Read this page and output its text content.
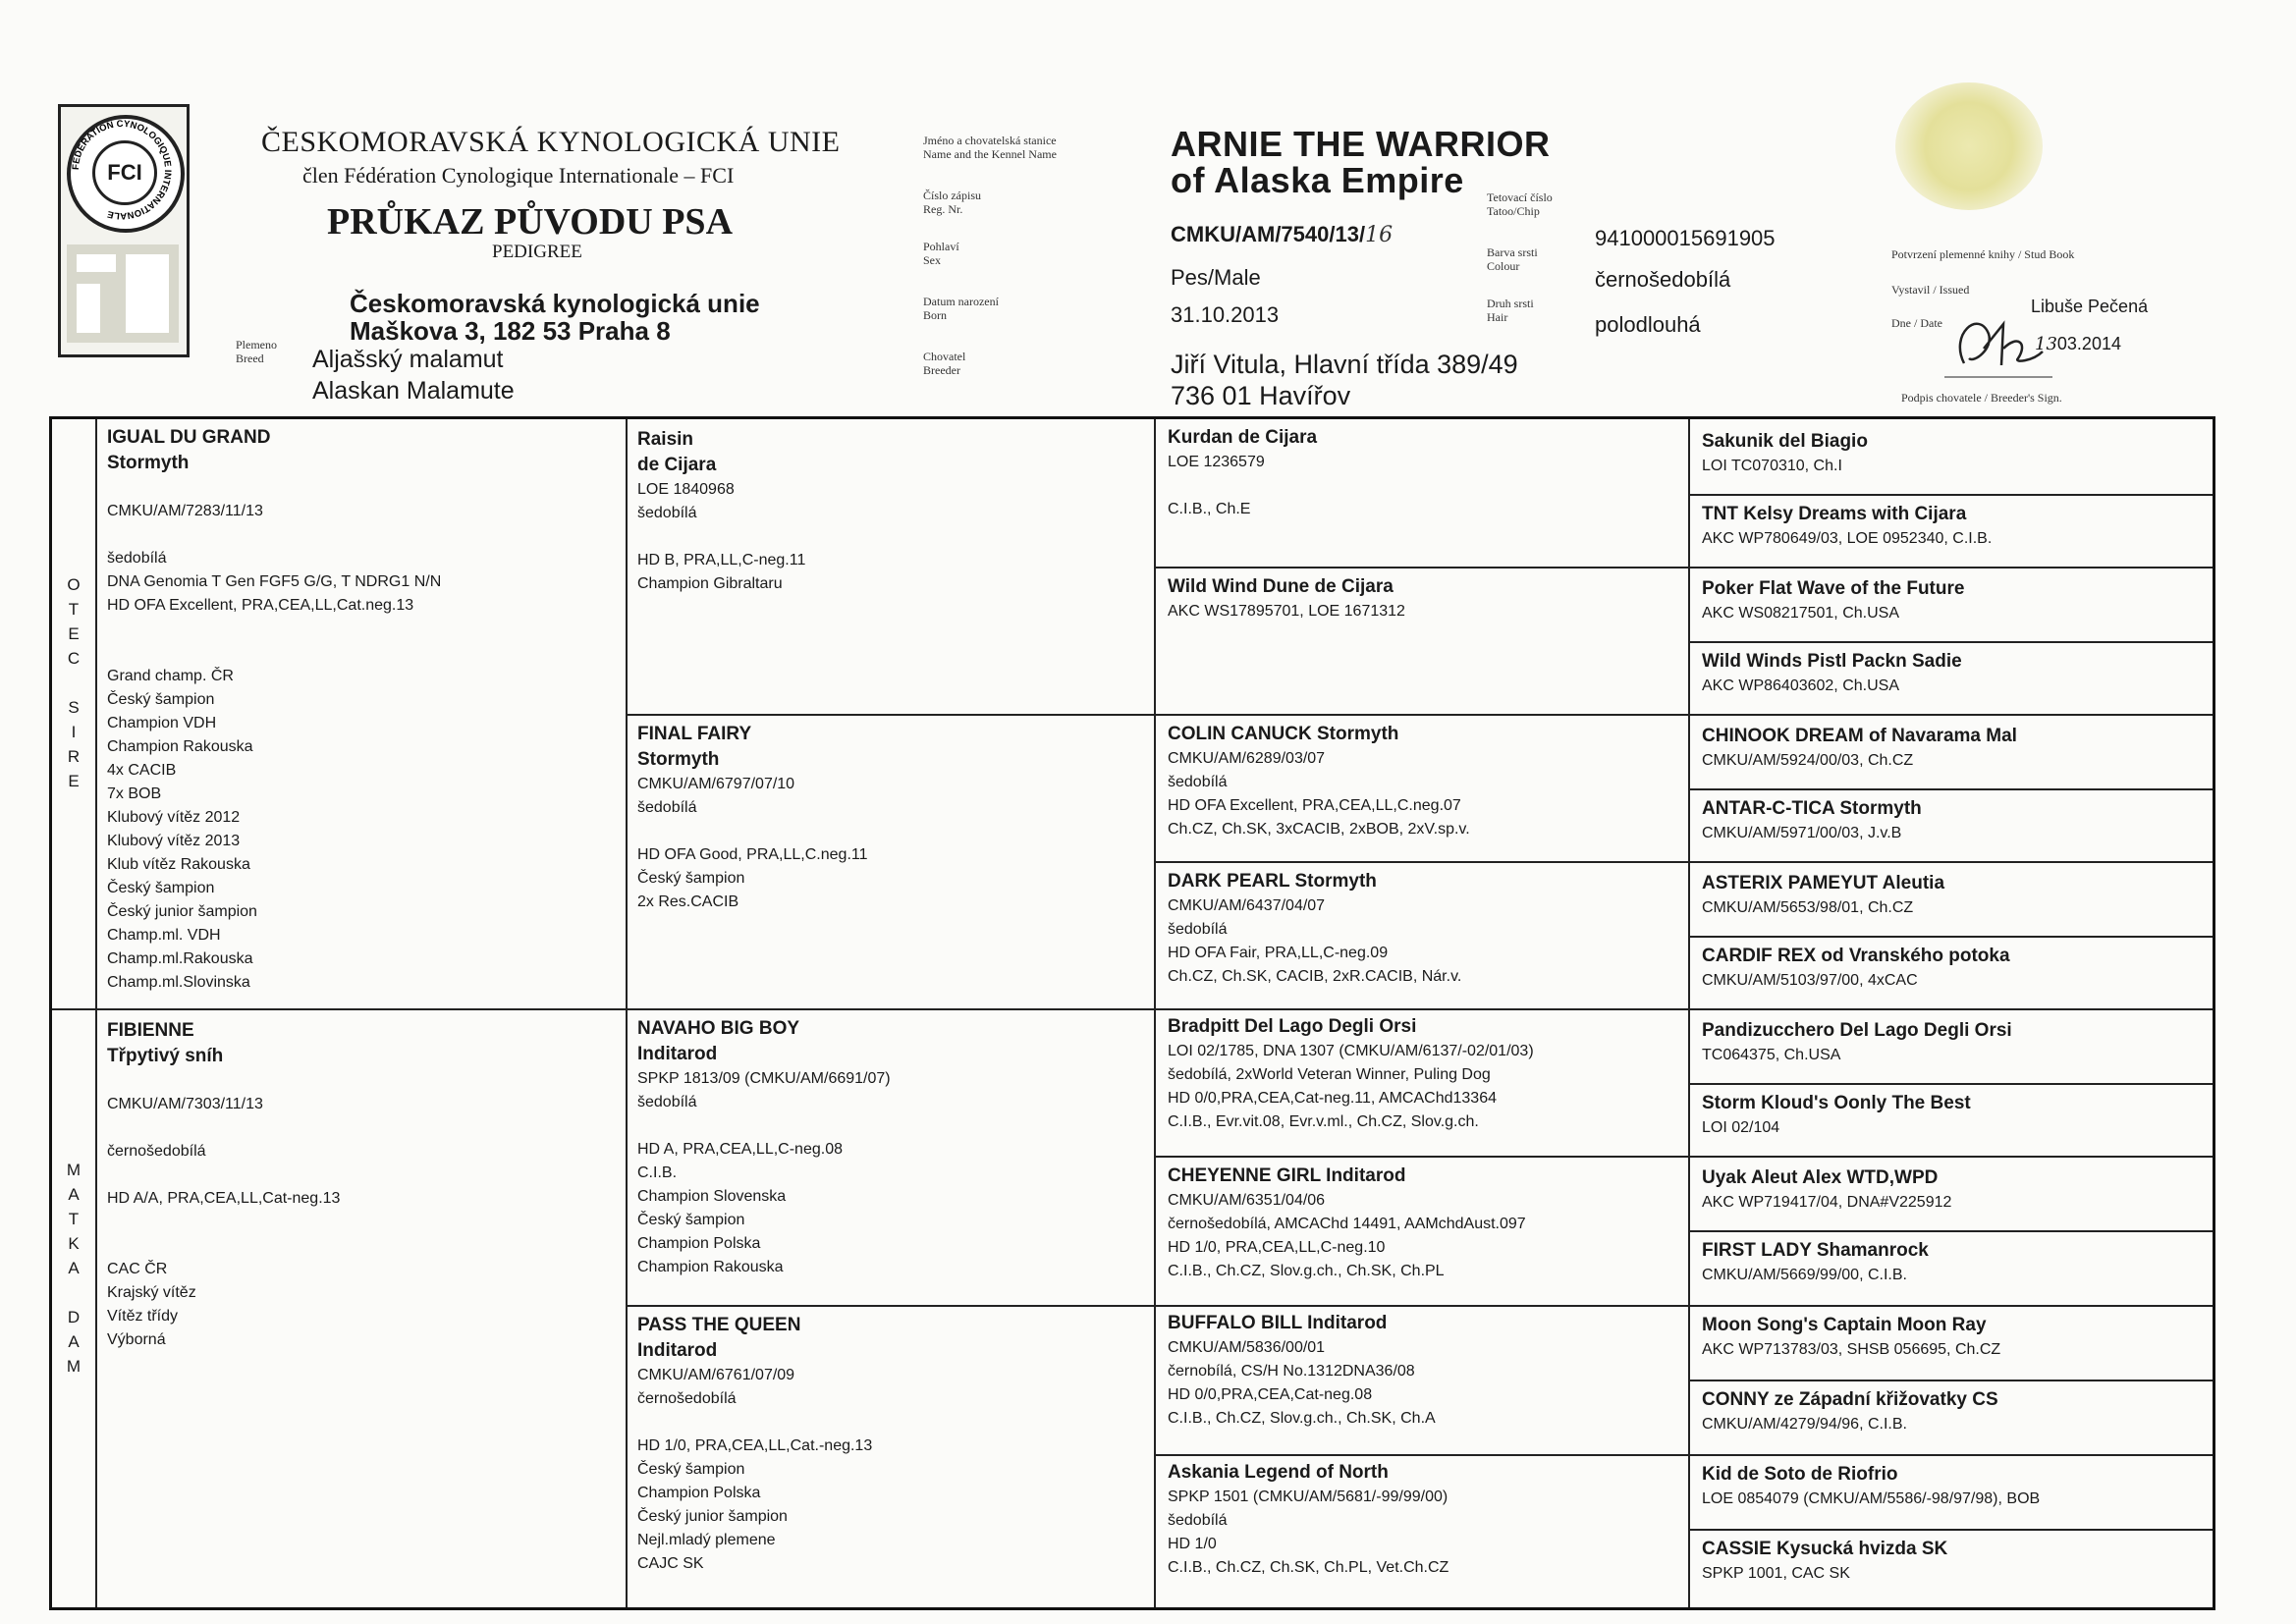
FEDERATION CYNOLOGIQUE INTERNATIONALE
FCI
ČESKOMORAVSKÁ KYNOLOGICKÁ UNIE
člen Fédération Cynologique Internationale – FCI
PRŮKAZ PŮVODU PSA
PEDIGREE
Českomoravská kynologická unie
Maškova 3, 182 53 Praha 8
Plemeno
Breed	Aljašský malamut
Alaskan Malamute
Jméno a chovatelská stanice
Name and the Kennel Name
Číslo zápisu
Reg. Nr.
Pohlaví
Sex
Datum narození
Born
Chovatel
Breeder
ARNIE THE WARRIOR
of Alaska Empire
CMKU/AM/7540/13/16
Pes/Male
31.10.2013
Jiří Vitula, Hlavní třída 389/49
736 01 Havířov
Tetovací číslo
Tatoo/Chip
Barva srsti
Colour
Druh srsti
Hair
941000015691905
černošedobílá
polodlouhá
Potvrzení plemenné knihy / Stud Book
Vystavil / Issued
Libuše Pečená
Dne / Date
1303.2014
Podpis chovatele / Breeder's Sign.
O
T
E
C

S
I
R
E
M
A
T
K
A

D
A
M
IGUAL DU GRAND
Stormyth

CMKU/AM/7283/11/13

šedobílá
DNA Genomia T Gen FGF5 G/G, T NDRG1 N/N
HD OFA Excellent, PRA,CEA,LL,Cat.neg.13

Grand champ. ČR
Český šampion
Champion VDH
Champion Rakouska
4x CACIB
7x BOB
Klubový vítěz 2012
Klubový vítěz 2013
Klub vítěz Rakouska
Český šampion
Český junior šampion
Champ.ml. VDH
Champ.ml.Rakouska
Champ.ml.Slovinska
FIBIENNE
Třpytivý sníh

CMKU/AM/7303/11/13

černošedobílá

HD A/A, PRA,CEA,LL,Cat-neg.13

CAC ČR
Krajský vítěz
Vítěz třídy
Výborná
Raisin
de Cijara
LOE 1840968
šedobílá

HD B, PRA,LL,C-neg.11
Champion Gibraltaru
FINAL FAIRY
Stormyth
CMKU/AM/6797/07/10
šedobílá

HD OFA Good, PRA,LL,C.neg.11
Český šampion
2x Res.CACIB
NAVAHO BIG BOY
Inditarod
SPKP 1813/09 (CMKU/AM/6691/07)
šedobílá

HD A, PRA,CEA,LL,C-neg.08
C.I.B.
Champion Slovenska
Český šampion
Champion Polska
Champion Rakouska
PASS THE QUEEN
Inditarod
CMKU/AM/6761/07/09
černošedobílá

HD 1/0, PRA,CEA,LL,Cat.-neg.13
Český šampion
Champion Polska
Český junior šampion
Nejl.mladý plemene
CAJC SK
Kurdan de Cijara
LOE 1236579

C.I.B., Ch.E
Wild Wind Dune de Cijara
AKC WS17895701, LOE 1671312
COLIN CANUCK Stormyth
CMKU/AM/6289/03/07
šedobílá
HD OFA Excellent, PRA,CEA,LL,C.neg.07
Ch.CZ, Ch.SK, 3xCACIB, 2xBOB, 2xV.sp.v.
DARK PEARL Stormyth
CMKU/AM/6437/04/07
šedobílá
HD OFA Fair, PRA,LL,C-neg.09
Ch.CZ, Ch.SK, CACIB, 2xR.CACIB, Nár.v.
Bradpitt Del Lago Degli Orsi
LOI 02/1785, DNA 1307 (CMKU/AM/6137/-02/01/03)
šedobílá, 2xWorld Veteran Winner, Puling Dog
HD 0/0,PRA,CEA,Cat-neg.11, AMCAChd13364
C.I.B., Evr.vit.08, Evr.v.ml., Ch.CZ, Slov.g.ch.
CHEYENNE GIRL Inditarod
CMKU/AM/6351/04/06
černošedobílá, AMCAChd 14491, AAMchdAust.097
HD 1/0, PRA,CEA,LL,C-neg.10
C.I.B., Ch.CZ, Slov.g.ch., Ch.SK, Ch.PL
BUFFALO BILL Inditarod
CMKU/AM/5836/00/01
černobílá, CS/H No.1312DNA36/08
HD 0/0,PRA,CEA,Cat-neg.08
C.I.B., Ch.CZ, Slov.g.ch., Ch.SK, Ch.A
Askania Legend of North
SPKP 1501 (CMKU/AM/5681/-99/99/00)
šedobílá
HD 1/0
C.I.B., Ch.CZ, Ch.SK, Ch.PL, Vet.Ch.CZ
Sakunik del Biagio
LOI TC070310, Ch.I
TNT Kelsy Dreams with Cijara
AKC WP780649/03, LOE 0952340, C.I.B.
Poker Flat Wave of the Future
AKC WS08217501, Ch.USA
Wild Winds Pistl Packn Sadie
AKC WP86403602, Ch.USA
CHINOOK DREAM of Navarama Mal
CMKU/AM/5924/00/03, Ch.CZ
ANTAR-C-TICA Stormyth
CMKU/AM/5971/00/03, J.v.B
ASTERIX PAMEYUT Aleutia
CMKU/AM/5653/98/01, Ch.CZ
CARDIF REX od Vranského potoka
CMKU/AM/5103/97/00, 4xCAC
Pandizucchero Del Lago Degli Orsi
TC064375, Ch.USA
Storm Kloud's Oonly The Best
LOI 02/104
Uyak Aleut Alex WTD,WPD
AKC WP719417/04, DNA#V225912
FIRST LADY Shamanrock
CMKU/AM/5669/99/00, C.I.B.
Moon Song's Captain Moon Ray
AKC WP713783/03, SHSB 056695, Ch.CZ
CONNY ze Západní křižovatky CS
CMKU/AM/4279/94/96, C.I.B.
Kid de Soto de Riofrio
LOE 0854079 (CMKU/AM/5586/-98/97/98), BOB
CASSIE Kysucká hvizda SK
SPKP 1001, CAC SK
